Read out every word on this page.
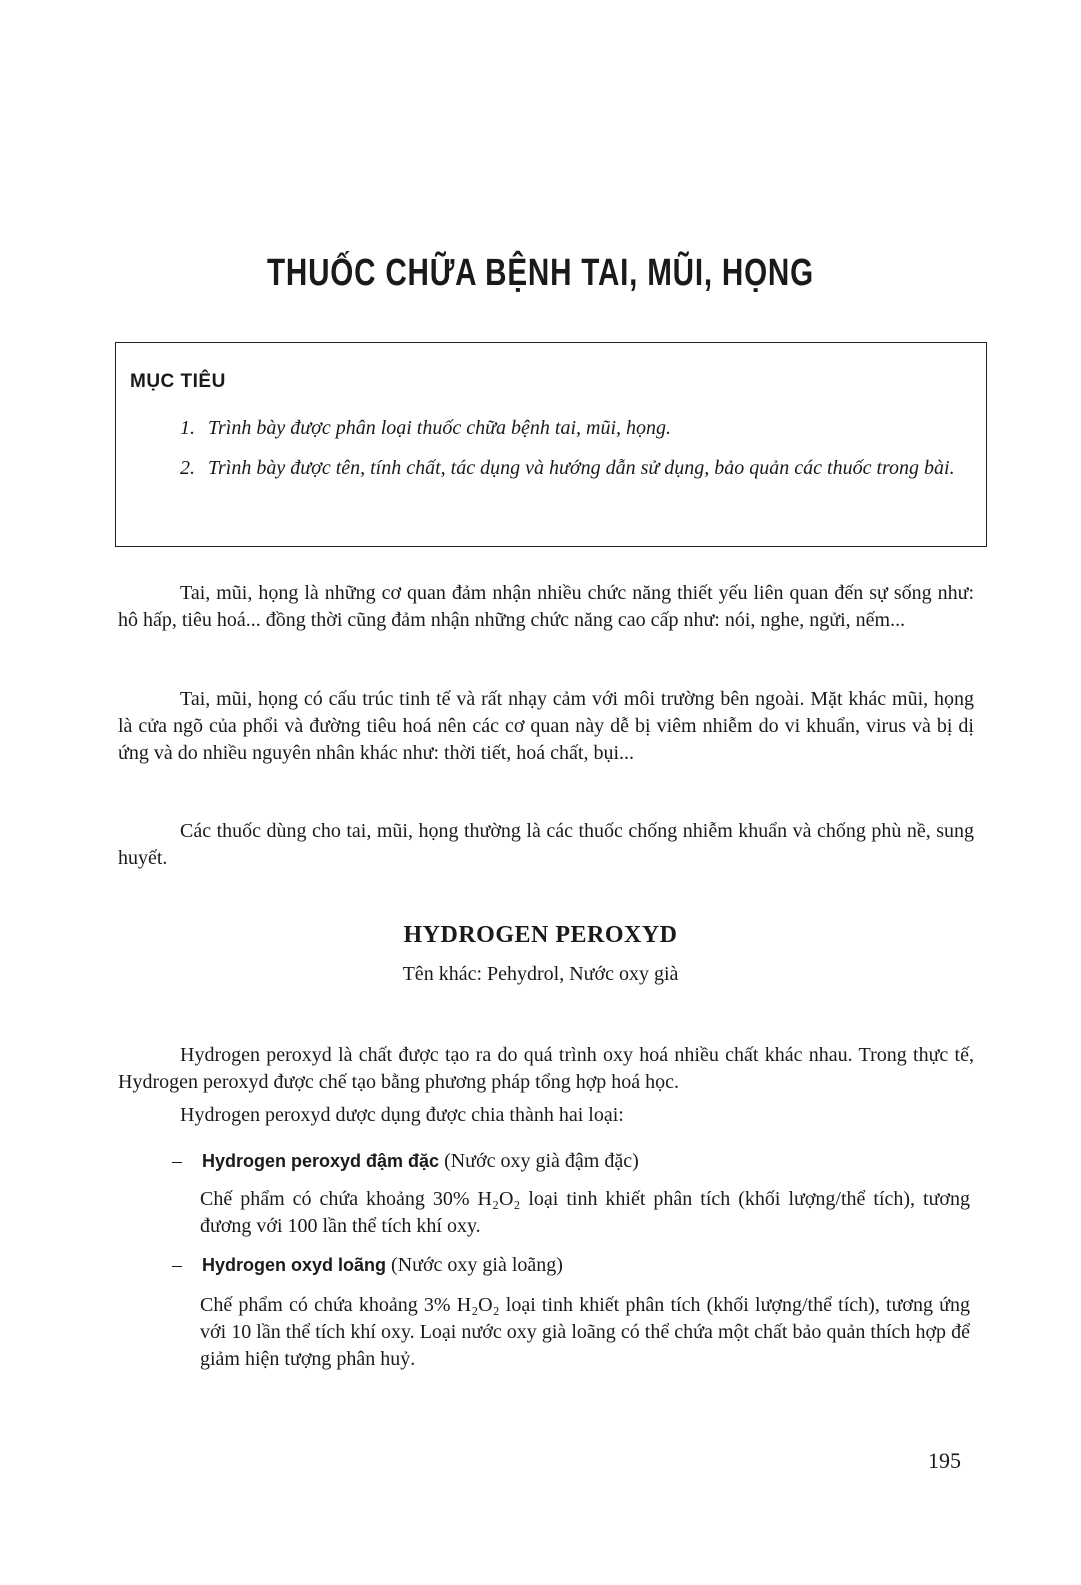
THUỐC CHỮA BỆNH TAI, MŨI, HỌNG
MỤC TIÊU
1. Trình bày được phân loại thuốc chữa bệnh tai, mũi, họng.
2. Trình bày được tên, tính chất, tác dụng và hướng dẫn sử dụng, bảo quản các thuốc trong bài.

Tai, mũi, họng là những cơ quan đảm nhận nhiều chức năng thiết yếu liên quan đến sự sống như: hô hấp, tiêu hoá... đồng thời cũng đảm nhận những chức năng cao cấp như: nói, nghe, ngửi, nếm...

Tai, mũi, họng có cấu trúc tinh tế và rất nhạy cảm với môi trường bên ngoài. Mặt khác mũi, họng là cửa ngõ của phổi và đường tiêu hoá nên các cơ quan này dễ bị viêm nhiễm do vi khuẩn, virus và bị dị ứng và do nhiều nguyên nhân khác như: thời tiết, hoá chất, bụi...

Các thuốc dùng cho tai, mũi, họng thường là các thuốc chống nhiễm khuẩn và chống phù nề, sung huyết.

HYDROGEN PEROXYD
Tên khác: Pehydrol, Nước oxy già

Hydrogen peroxyd là chất được tạo ra do quá trình oxy hoá nhiều chất khác nhau. Trong thực tế, Hydrogen peroxyd được chế tạo bằng phương pháp tổng hợp hoá học.

Hydrogen peroxyd dược dụng được chia thành hai loại:

– Hydrogen peroxyd đậm đặc (Nước oxy già đậm đặc)

Chế phẩm có chứa khoảng 30% H₂O₂ loại tinh khiết phân tích (khối lượng/thể tích), tương đương với 100 lần thể tích khí oxy.

– Hydrogen oxyd loãng (Nước oxy già loãng)

Chế phẩm có chứa khoảng 3% H₂O₂ loại tinh khiết phân tích (khối lượng/thể tích), tương ứng với 10 lần thể tích khí oxy. Loại nước oxy già loãng có thể chứa một chất bảo quản thích hợp để giảm hiện tượng phân huỷ.

195
